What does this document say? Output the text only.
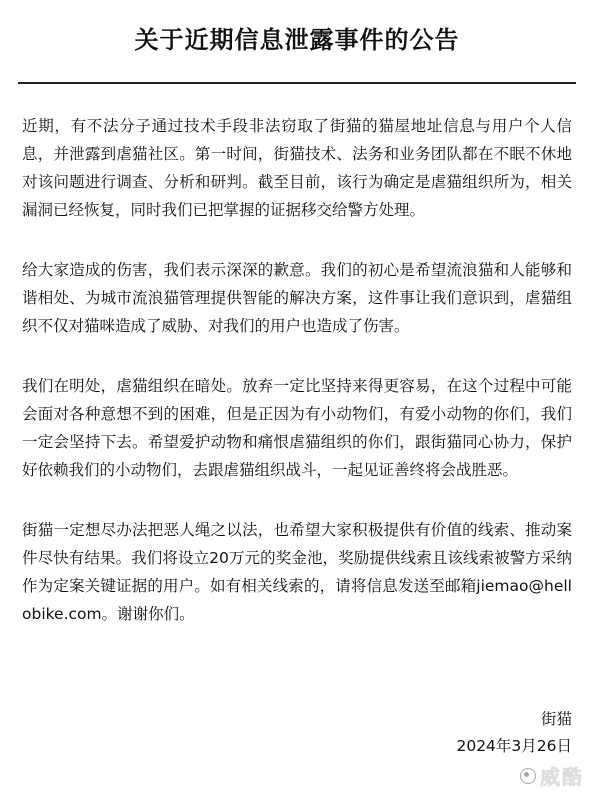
关于近期信息泄露事件的公告

近期，有不法分子通过技术手段非法窃取了街猫的猫屋地址信息与用户个人信息，并泄露到虐猫社区。第一时间，街猫技术、法务和业务团队都在不眠不休地对该问题进行调查、分析和研判。截至目前，该行为确定是虐猫组织所为，相关漏洞已经恢复，同时我们已把掌握的证据移交给警方处理。

给大家造成的伤害，我们表示深深的歉意。我们的初心是希望流浪猫和人能够和谐相处、为城市流浪猫管理提供智能的解决方案，这件事让我们意识到，虐猫组织不仅对猫咪造成了威胁、对我们的用户也造成了伤害。

我们在明处，虐猫组织在暗处。放弃一定比坚持来得更容易，在这个过程中可能会面对各种意想不到的困难，但是正因为有小动物们，有爱小动物的你们，我们一定会坚持下去。希望爱护动物和痛恨虐猫组织的你们，跟街猫同心协力，保护好依赖我们的小动物们，去跟虐猫组织战斗，一起见证善终将会战胜恶。

街猫一定想尽办法把恶人绳之以法，也希望大家积极提供有价值的线索、推动案件尽快有结果。我们将设立20万元的奖金池，奖励提供线索且该线索被警方采纳作为定案关键证据的用户。如有相关线索的，请将信息发送至邮箱jiemao@hellobike.com。谢谢你们。

街猫
2024年3月26日
威酷
